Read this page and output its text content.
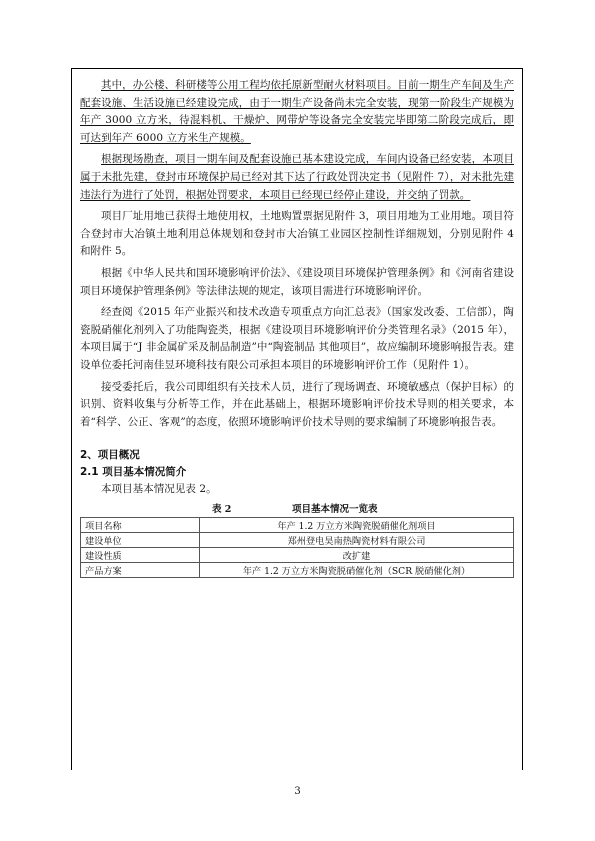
其中，办公楼、科研楼等公用工程均依托原新型耐火材料项目。目前一期生产车间及生产配套设施、生活设施已经建设完成，由于一期生产设备尚未完全安装，现第一阶段生产规模为年产 3000 立方米，待混料机、干燥炉、网带炉等设备完全安装完毕即第二阶段完成后，即可达到年产 6000 立方米生产规模。

根据现场勘查，项目一期车间及配套设施已基本建设完成，车间内设备已经安装，本项目属于未批先建，登封市环境保护局已经对其下达了行政处罚决定书（见附件 7），对未批先建违法行为进行了处罚，根据处罚要求，本项目已经现已经停止建设，并交纳了罚款。

项目厂址用地已获得土地使用权，土地购置票据见附件 3，项目用地为工业用地。项目符合登封市大冶镇土地利用总体规划和登封市大冶镇工业园区控制性详细规划，分别见附件 4 和附件 5。

根据《中华人民共和国环境影响评价法》、《建设项目环境保护管理条例》和《河南省建设项目环境保护管理条例》等法律法规的规定，该项目需进行环境影响评价。

经查阅《2015 年产业振兴和技术改造专项重点方向汇总表》（国家发改委、工信部），陶瓷脱硝催化剂列入了功能陶瓷类，根据《建设项目环境影响评价分类管理名录》（2015 年），本项目属于“J 非金属矿采及制品制造”中“陶瓷制品 其他项目”，故应编制环境影响报告表。建设单位委托河南佳昱环境科技有限公司承担本项目的环境影响评价工作（见附件 1）。

接受委托后，我公司即组织有关技术人员，进行了现场调查、环境敏感点（保护目标）的识别、资料收集与分析等工作，并在此基础上，根据环境影响评价技术导则的相关要求，本着“科学、公正、客观”的态度，依照环境影响评价技术导则的要求编制了环境影响报告表。

2、项目概况

2.1 项目基本情况简介

本项目基本情况见表 2。

表 2	项目基本情况一览表
项目名称	年产 1.2 万立方米陶瓷脱硝催化剂项目
建设单位	郑州登电昊南热陶瓷材料有限公司
建设性质	改扩建
产品方案	年产 1.2 万立方米陶瓷脱硝催化剂（SCR 脱硝催化剂）
3
